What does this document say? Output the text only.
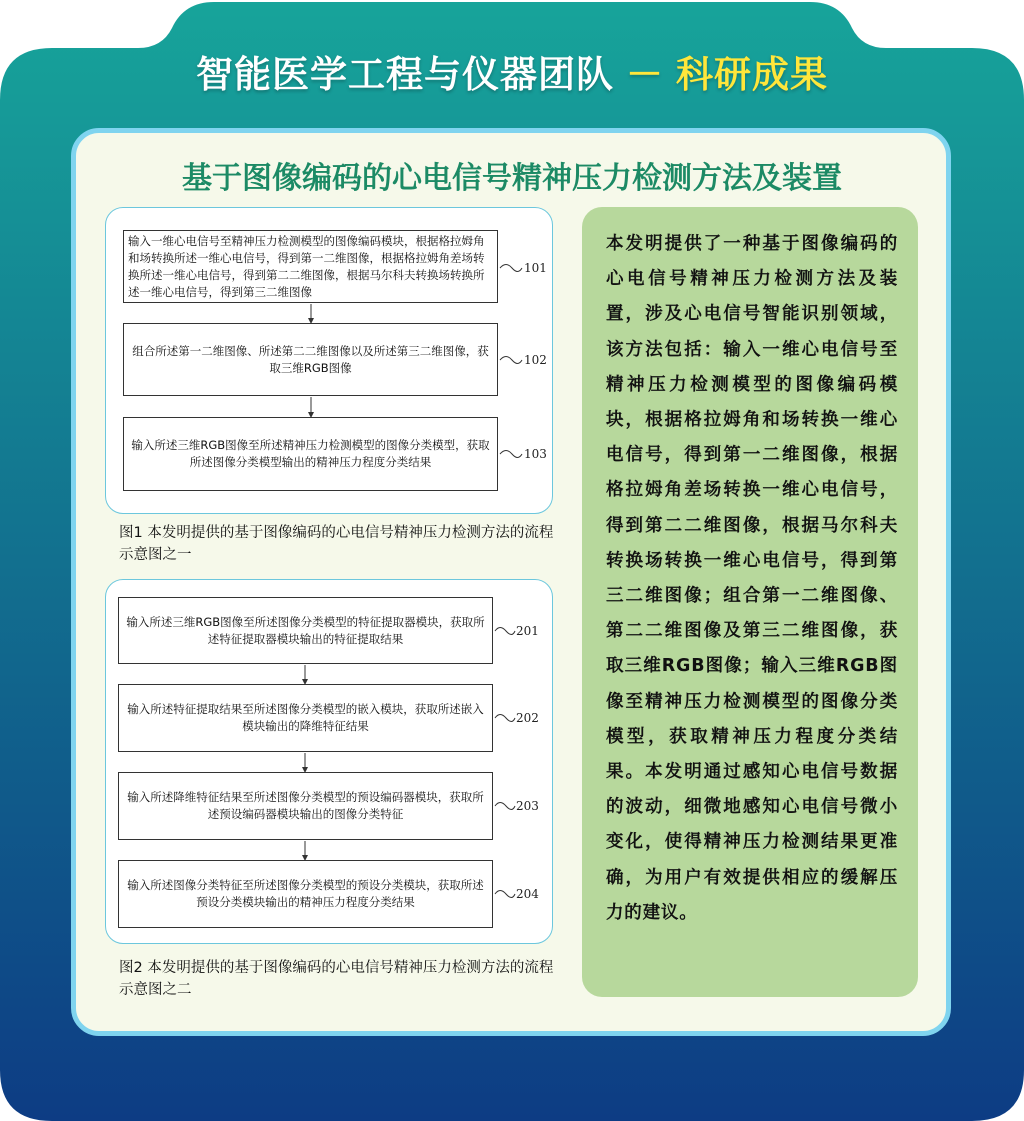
智能医学工程与仪器团队 － 科研成果
基于图像编码的心电信号精神压力检测方法及装置
输入一维心电信号至精神压力检测模型的图像编码模块，根据格拉姆角和场转换所述一维心电信号，得到第一二维图像，根据格拉姆角差场转换所述一维心电信号，得到第二二维图像，根据马尔科夫转换场转换所述一维心电信号，得到第三二维图像
101
组合所述第一二维图像、所述第二二维图像以及所述第三二维图像，获取三维RGB图像
102
输入所述三维RGB图像至所述精神压力检测模型的图像分类模型，获取所述图像分类模型输出的精神压力程度分类结果
103
图1 本发明提供的基于图像编码的心电信号精神压力检测方法的流程示意图之一
输入所述三维RGB图像至所述图像分类模型的特征提取器模块，获取所述特征提取器模块输出的特征提取结果
201
输入所述特征提取结果至所述图像分类模型的嵌入模块，获取所述嵌入模块输出的降维特征结果
202
输入所述降维特征结果至所述图像分类模型的预设编码器模块，获取所述预设编码器模块输出的图像分类特征
203
输入所述图像分类特征至所述图像分类模型的预设分类模块，获取所述预设分类模块输出的精神压力程度分类结果
204
图2 本发明提供的基于图像编码的心电信号精神压力检测方法的流程示意图之二

本发明提供了一种基于图像编码的心电信号精神压力检测方法及装置，涉及心电信号智能识别领域，该方法包括：输入一维心电信号至精神压力检测模型的图像编码模块，根据格拉姆角和场转换一维心电信号，得到第一二维图像，根据格拉姆角差场转换一维心电信号，得到第二二维图像，根据马尔科夫转换场转换一维心电信号，得到第三二维图像；组合第一二维图像、第二二维图像及第三二维图像，获取三维RGB图像；输入三维RGB图像至精神压力检测模型的图像分类模型，获取精神压力程度分类结果。本发明通过感知心电信号数据的波动，细微地感知心电信号微小变化，使得精神压力检测结果更准确，为用户有效提供相应的缓解压力的建议。
